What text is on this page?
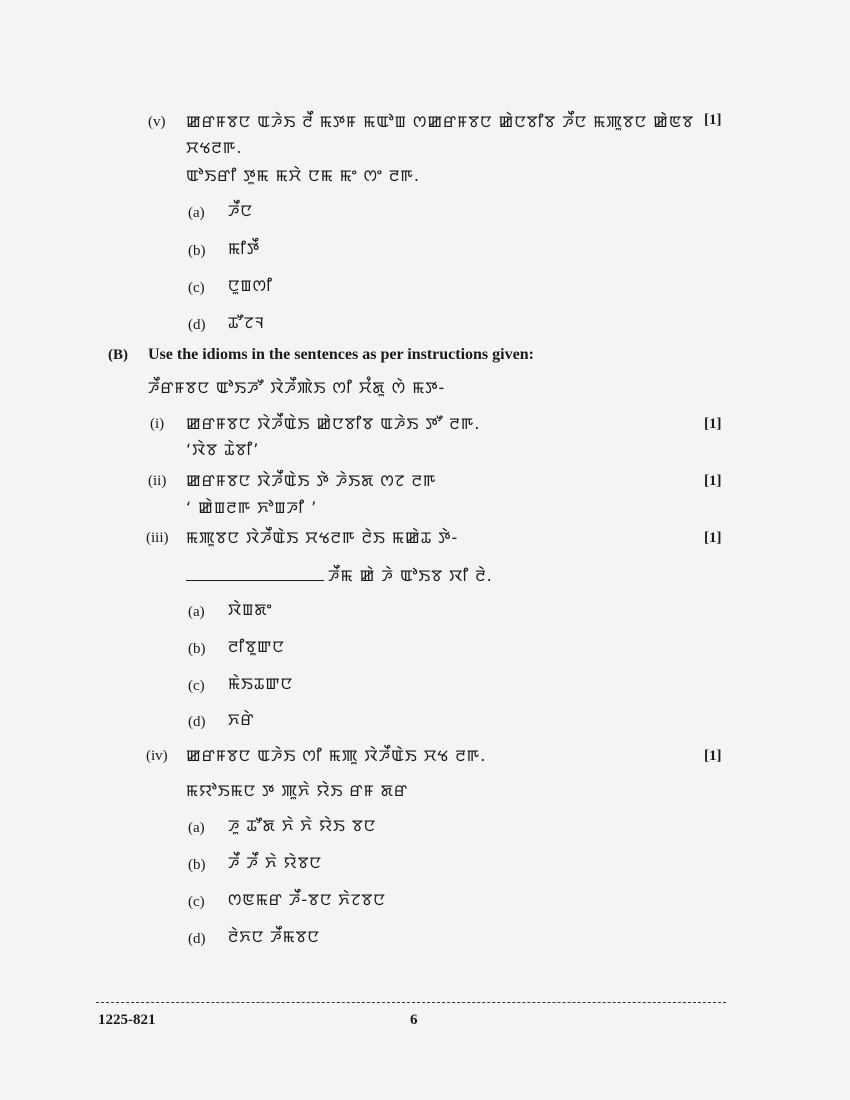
(v) ꯀꯔꯝꯕꯅ ꯑꯍꯥꯏ ꯂꯩ ꯃꯇꯝ ꯃꯑꯣꯡ ꯁꯀꯔꯝꯕꯅ ꯀꯥꯅꯕꯤꯕ ꯍꯩꯅ ꯃꯄꯨꯕꯅ ꯀꯥꯟꯕ [1]
ꯆꯠꯂꯒ.
ꯑꯣꯏꯔꯤ ꯇꯨꯃ ꯃꯆꯥ ꯅꯃ ꯃꯦ ꯁꯦ ꯂꯒ.
(a) ꯍꯩꯅ
(b) ꯃꯤꯇꯩ
(c) ꯅꯨꯡꯁꯤ
(d) ꯊꯧꯖꯜ
(B) Use the idioms in the sentences as per instructions given:
ꯍꯩꯔꯝꯕꯅ ꯑꯣꯏꯍꯧ ꯋꯥꯍꯩꯄꯥꯏ ꯁꯤ ꯆꯪꯗꯨ ꯁꯥ ꯃꯇ-
(i) ꯀꯔꯝꯕꯅ ꯋꯥꯍꯩꯑꯥꯏ ꯀꯥꯅꯕꯤꯕ ꯑꯍꯥꯏ ꯇꯧ ꯂꯒ.	[1]
‘ꯋꯥꯕ ꯊꯥꯕꯤ’
(ii) ꯀꯔꯝꯕꯅ ꯋꯥꯍꯩꯑꯥꯏ ꯇꯥ ꯍꯥꯏꯗ ꯁꯖ ꯂꯒ	[1]
‘ ꯀꯥꯡꯂꯒ ꯈꯣꯡꯍꯤ ’
(iii) ꯃꯄꯨꯕꯅ ꯋꯥꯍꯩꯑꯥꯏ ꯆꯠꯂꯒ ꯂꯥꯏ ꯃꯀꯥꯊ ꯇꯥ-	[1]
ꯍꯩꯃ ꯀꯥ ꯍꯥ ꯑꯣꯏꯕ ꯋꯤ ꯂꯥ.
(a) ꯋꯥꯡꯗꯦ
(b) ꯂꯤꯕꯨꯛꯅ
(c) ꯃꯥꯏꯊꯛꯅ
(d) ꯈꯔꯥ
(iv) ꯀꯔꯝꯕꯅ ꯑꯍꯥꯏ ꯁꯤ ꯃꯄꯨ ꯋꯥꯍꯩꯑꯥꯏ ꯆꯠ ꯂꯒ.	[1]
ꯃꯌꯣꯏꯃꯅ ꯇ ꯄꯨꯈꯥ ꯌꯥꯏ ꯔꯝ ꯗꯔ
(a) ꯍꯨ ꯊꯧꯗ ꯈꯥ ꯈꯥ ꯌꯥꯏ ꯕꯅ
(b) ꯍꯩ ꯍꯩ ꯈꯥ ꯌꯥꯕꯅ
(c) ꯁꯟꯃꯔ ꯍꯩ-ꯕꯅ ꯈꯥꯖꯕꯅ
(d) ꯂꯥꯈꯅ ꯍꯩꯃꯕꯅ
1225-821	6
